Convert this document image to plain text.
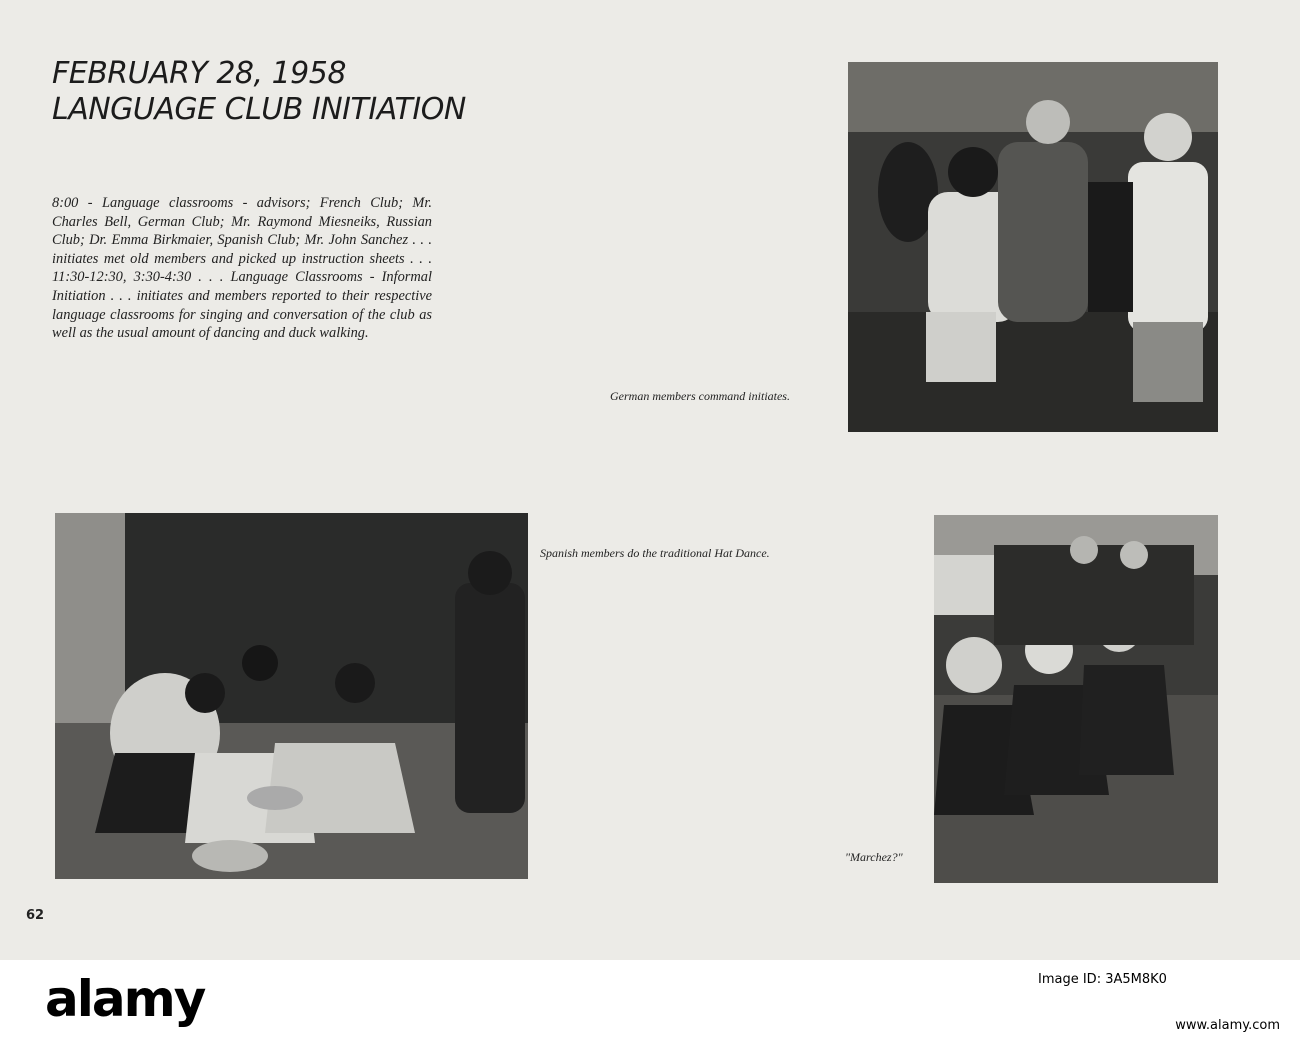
FEBRUARY 28, 1958
LANGUAGE CLUB INITIATION

8:00 - Language classrooms - advisors; French Club; Mr. Charles Bell, German Club; Mr. Raymond Miesneiks, Russian Club; Dr. Emma Birkmaier, Spanish Club; Mr. John Sanchez . . . initiates met old members and picked up instruction sheets . . . 11:30-12:30, 3:30-4:30 . . . Language Classrooms - Informal Initiation . . . initiates and members reported to their respective language classrooms for singing and conversation of the club as well as the usual amount of dancing and duck walking.

German members command initiates.
Spanish members do the traditional Hat Dance.
"Marchez?"
62
alamy	Image ID: 3A5M8K0
www.alamy.com
